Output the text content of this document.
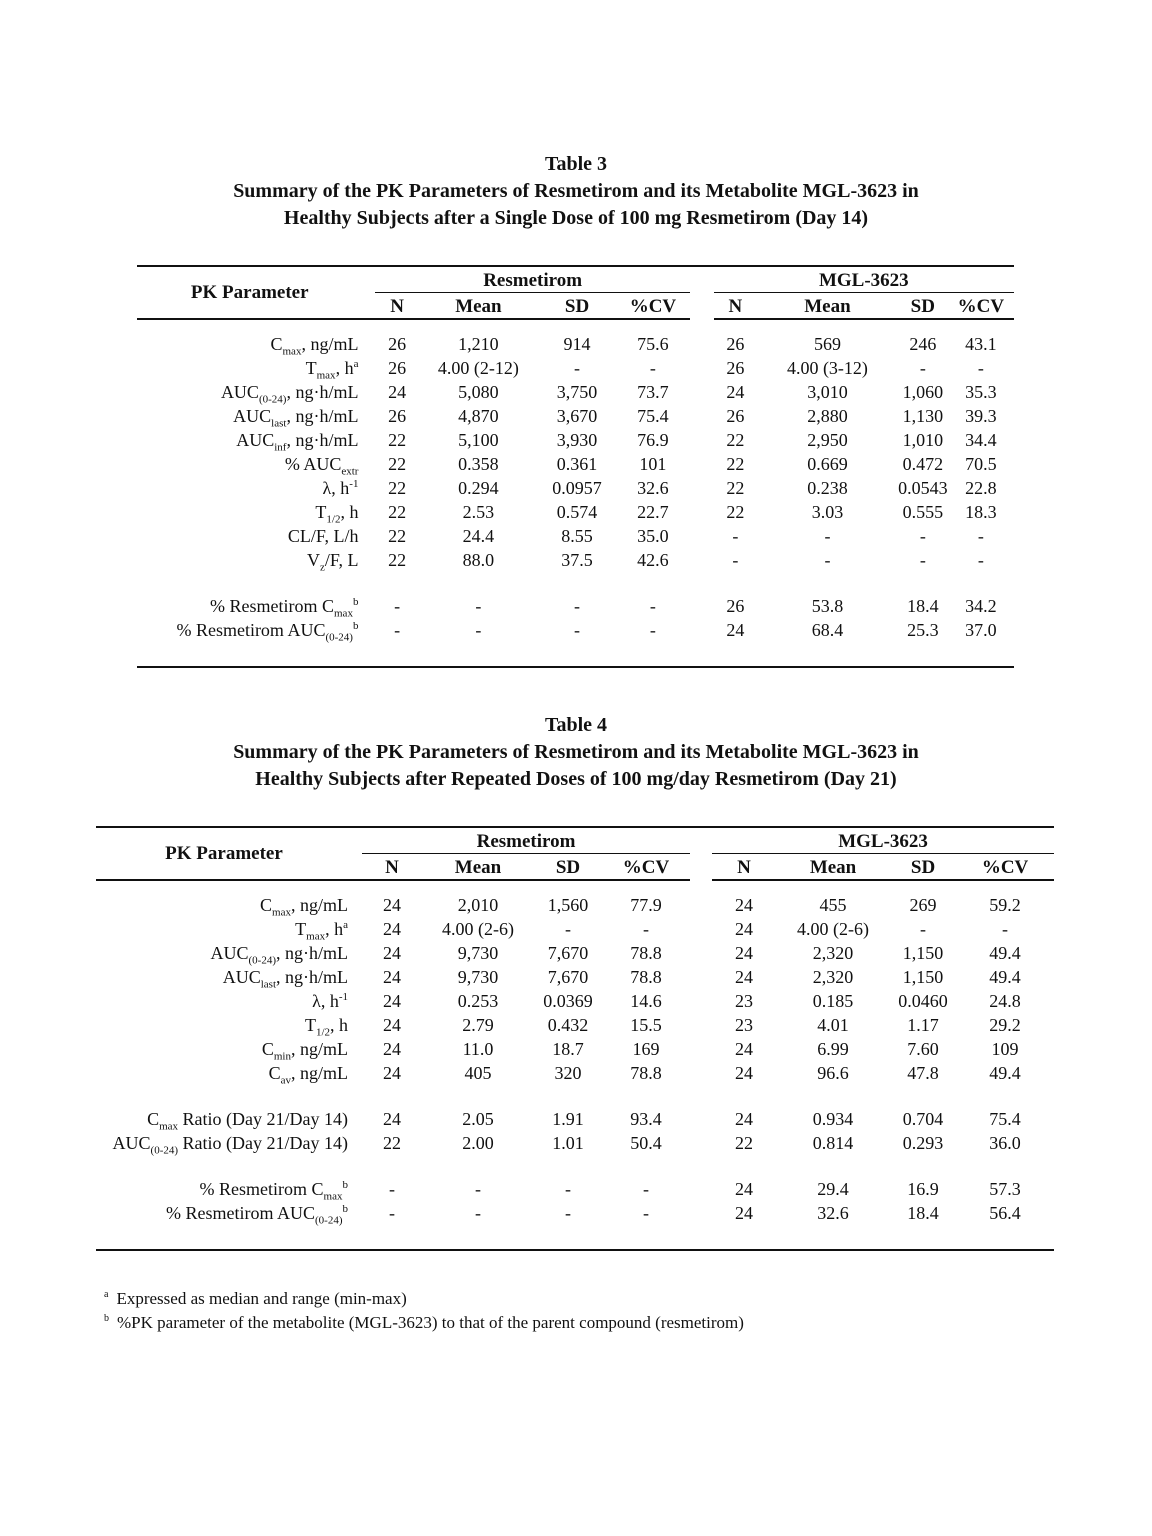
Table 3
Summary of the PK Parameters of Resmetirom and its Metabolite MGL-3623 in
Healthy Subjects after a Single Dose of 100 mg Resmetirom (Day 14)
PK Parameter		Resmetirom					MGL-3623			
		N	Mean	SD	%CV		N	Mean	SD	%CV

$C_{max}$, ng/mL		26	1,210	914	75.6		26	569	246	43.1
$T_{max}$, $h^a$		26	4.00 (2-12)	-	-		26	4.00 (3-12)	-	-
$AUC_{(0-24)}$, ng·h/mL		24	5,080	3,750	73.7		24	3,010	1,060	35.3
$AUC_{last}$, ng·h/mL		26	4,870	3,670	75.4		26	2,880	1,130	39.3
$AUC_{inf}$, ng·h/mL		22	5,100	3,930	76.9		22	2,950	1,010	34.4
% $AUC_{extr}$		22	0.358	0.361	101		22	0.669	0.472	70.5
λ, $h^{-1}$		22	0.294	0.0957	32.6		22	0.238	0.0543	22.8
$T_{1/2}$, h		22	2.53	0.574	22.7		22	3.03	0.555	18.3
CL/F, L/h		22	24.4	8.55	35.0		-	-	-	-
$V_z/F$, L		22	88.0	37.5	42.6		-	-	-	-

% Resmetirom $C_{max}^b$		-	-	-	-		26	53.8	18.4	34.2
% Resmetirom $AUC_{(0-24)}^b$		-	-	-	-		24	68.4	25.3	37.0

Table 4
Summary of the PK Parameters of Resmetirom and its Metabolite MGL-3623 in
Healthy Subjects after Repeated Doses of 100 mg/day Resmetirom (Day 21)
PK Parameter		Resmetirom					MGL-3623			
		N	Mean	SD	%CV		N	Mean	SD	%CV

$C_{max}$, ng/mL		24	2,010	1,560	77.9		24	455	269	59.2
$T_{max}$, $h^a$		24	4.00 (2-6)	-	-		24	4.00 (2-6)	-	-
$AUC_{(0-24)}$, ng·h/mL		24	9,730	7,670	78.8		24	2,320	1,150	49.4
$AUC_{last}$, ng·h/mL		24	9,730	7,670	78.8		24	2,320	1,150	49.4
λ, $h^{-1}$		24	0.253	0.0369	14.6		23	0.185	0.0460	24.8
$T_{1/2}$, h		24	2.79	0.432	15.5		23	4.01	1.17	29.2
$C_{min}$, ng/mL		24	11.0	18.7	169		24	6.99	7.60	109
$C_{av}$, ng/mL		24	405	320	78.8		24	96.6	47.8	49.4

$C_{max}$ Ratio (Day 21/Day 14)		24	2.05	1.91	93.4		24	0.934	0.704	75.4
$AUC_{(0-24)}$ Ratio (Day 21/Day 14)		22	2.00	1.01	50.4		22	0.814	0.293	36.0

% Resmetirom $C_{max}^b$		-	-	-	-		24	29.4	16.9	57.3
% Resmetirom $AUC_{(0-24)}^b$		-	-	-	-		24	32.6	18.4	56.4

$^a$ Expressed as median and range (min-max)
$^b$ %PK parameter of the metabolite (MGL-3623) to that of the parent compound (resmetirom)
